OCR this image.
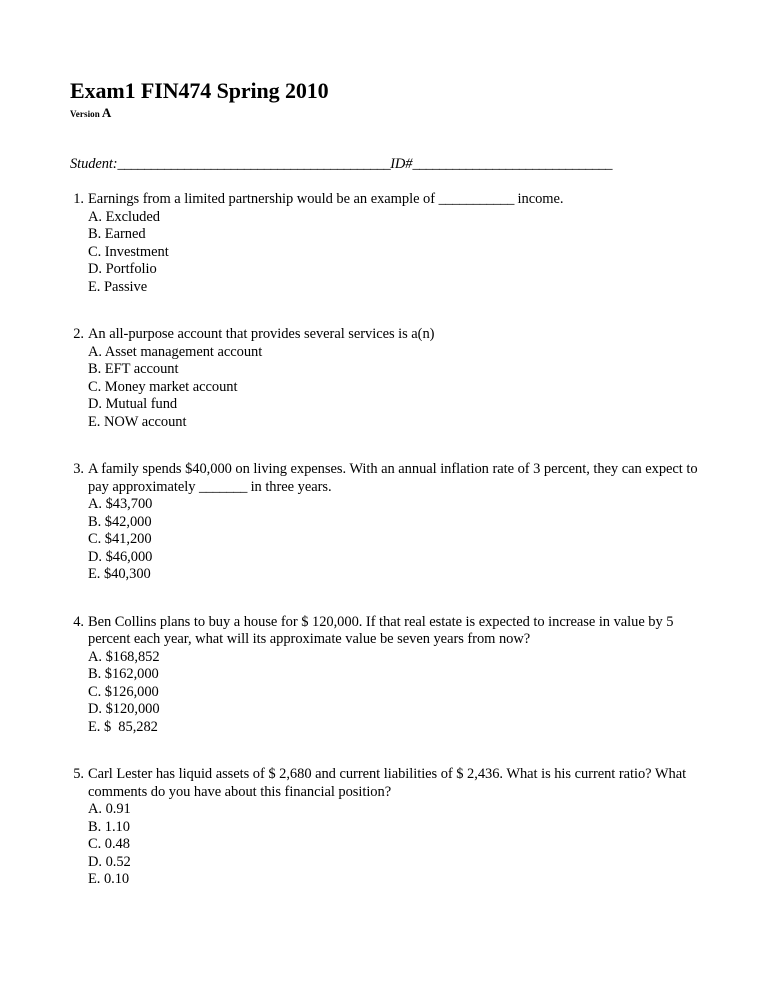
Exam1 FIN474 Spring 2010

Version A

Student:_________________________________________ID#______________________________

1. Earnings from a limited partnership would be an example of ___________ income.
A. Excluded
B. Earned
C. Investment
D. Portfolio
E. Passive
2. An all-purpose account that provides several services is a(n)
A. Asset management account
B. EFT account
C. Money market account
D. Mutual fund
E. NOW account
3. A family spends $40,000 on living expenses. With an annual inflation rate of 3 percent, they can expect to pay approximately _______ in three years.
A. $43,700
B. $42,000
C. $41,200
D. $46,000
E. $40,300
4. Ben Collins plans to buy a house for $ 120,000. If that real estate is expected to increase in value by 5 percent each year, what will its approximate value be seven years from now?
A. $168,852
B. $162,000
C. $126,000
D. $120,000
E. $  85,282
5. Carl Lester has liquid assets of $ 2,680 and current liabilities of $ 2,436. What is his current ratio? What comments do you have about this financial position?
A. 0.91
B. 1.10
C. 0.48
D. 0.52
E. 0.10
